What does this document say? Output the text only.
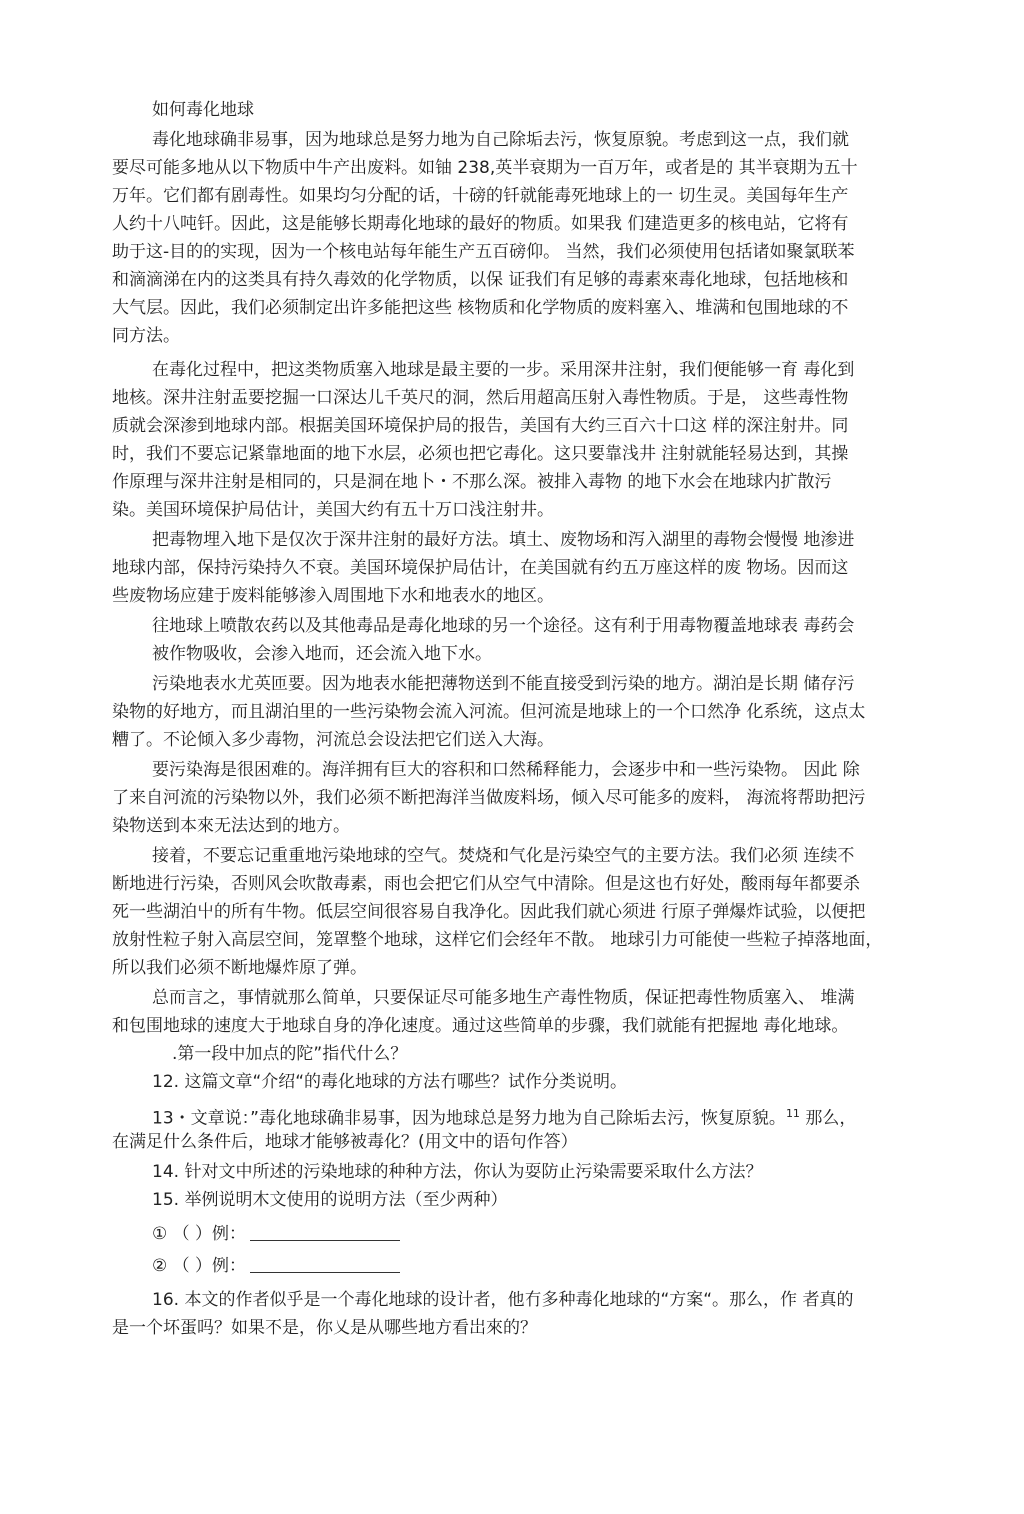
如何毒化地球
毒化地球确非易事，因为地球总是努力地为自己除垢去污，恢复原貌。考虑到这一点，我们就
要尽可能多地从以下物质中牛产出废料。如铀 238,英半衰期为一百万年，或者是的 其半衰期为五十
万年。它们都有剧毒性。如果均匀分配的话，十磅的钎就能毒死地球上的一 切生灵。美国每年生产
人约十八吨钎。因此，这是能够长期毒化地球的最好的物质。如果我 们建造更多的核电站，它将有
助于这-目的的实现，因为一个核电站每年能生产五百磅仰。 当然，我们必须使用包括诸如聚氯联苯
和滴滴涕在内的这类具有持久毒效的化学物质，以保 证我们有足够的毒素來毒化地球，包括地核和
大气层。因此，我们必须制定出许多能把这些 核物质和化学物质的废料塞入、堆满和包围地球的不
同方法。
在毒化过程中，把这类物质塞入地球是最主要的一步。采用深井注射，我们便能够一育 毒化到
地核。深井注射盂要挖掘一口深达儿千英尺的洞，然后用超高压射入毒性物质。于是， 这些毒性物
质就会深渗到地球内部。根据美国环境保护局的报告，美国有大约三百六十口这 样的深注射井。同
时，我们不要忘记紧靠地面的地下水层，必须也把它毒化。这只要靠浅井 注射就能轻易达到，其操
作原理与深井注射是相同的，只是洞在地卜・不那么深。被排入毒物 的地下水会在地球内扩散污
染。美国环境保护局估计，美国大约有五十万口浅注射井。
把毒物埋入地下是仅次于深井注射的最好方法。填土、废物场和泻入湖里的毒物会慢慢 地渗进
地球内部，保持污染持久不衰。美国环境保护局估计，在美国就有约五万座这样的废 物场。因而这
些废物场应建于废料能够渗入周围地下水和地表水的地区。
往地球上喷散农药以及其他毒品是毒化地球的另一个途径。这有利于用毒物覆盖地球表 毒药会
被作物吸收，会渗入地而，还会流入地下水。
污染地表水尤英匝要。因为地表水能把薄物送到不能直接受到污染的地方。湖泊是长期 储存污
染物的好地方，而且湖泊里的一些污染物会流入河流。但河流是地球上的一个口然净 化系统，这点太
糟了。不论倾入多少毒物，河流总会设法把它们送入大海。
要污染海是很困难的。海洋拥有巨大的容积和口然稀释能力，会逐步中和一些污染物。 因此 除
了来自河流的污染物以外，我们必须不断把海洋当做废料场，倾入尽可能多的废料， 海流将帮助把污
染物送到本來无法达到的地方。
接着，不要忘记重重地污染地球的空气。焚烧和气化是污染空气的主要方法。我们必须 连续不
断地进行污染，否则风会吹散毒素，雨也会把它们从空气中清除。但是这也冇好处，酸雨每年都要杀
死一些湖泊屮的所有牛物。低层空间很容易自我净化。因此我们就心须进 行原子弹爆炸试验，以便把
放射性粒子射入高层空间，笼罩整个地球，这样它们会经年不散。 地球引力可能使一些粒子掉落地面，
所以我们必须不断地爆炸原了弹。
总而言之，事情就那么简单，只要保证尽可能多地生产毒性物质，保证把毒性物质塞入、 堆满
和包围地球的速度大于地球自身的净化速度。通过这些简单的步骤，我们就能有把握地 毒化地球。
.第一段中加点的陀”指代什么？
12. 这篇文章“介绍“的毒化地球的方法冇哪些？试作分类说明。
13・文章说：”毒化地球确非易事，因为地球总是努力地为自己除垢去污，恢复原貌。$^{11}$ 那么，
在满足什么条件后，地球才能够被毒化？(用文中的语句作答）
14. 针对文中所述的污染地球的种种方法，你认为耍防止污染需要采取什么方法？
15. 举例说明木文使用的说明方法（至少两种）
① （ ）例：
② （ ）例：
16. 本文的作者似乎是一个毒化地球的设计者，他冇多种毒化地球的“方案“。那么，作 者真的
是一个坏蛋吗？如果不是，你乂是从哪些地方看岀來的？
